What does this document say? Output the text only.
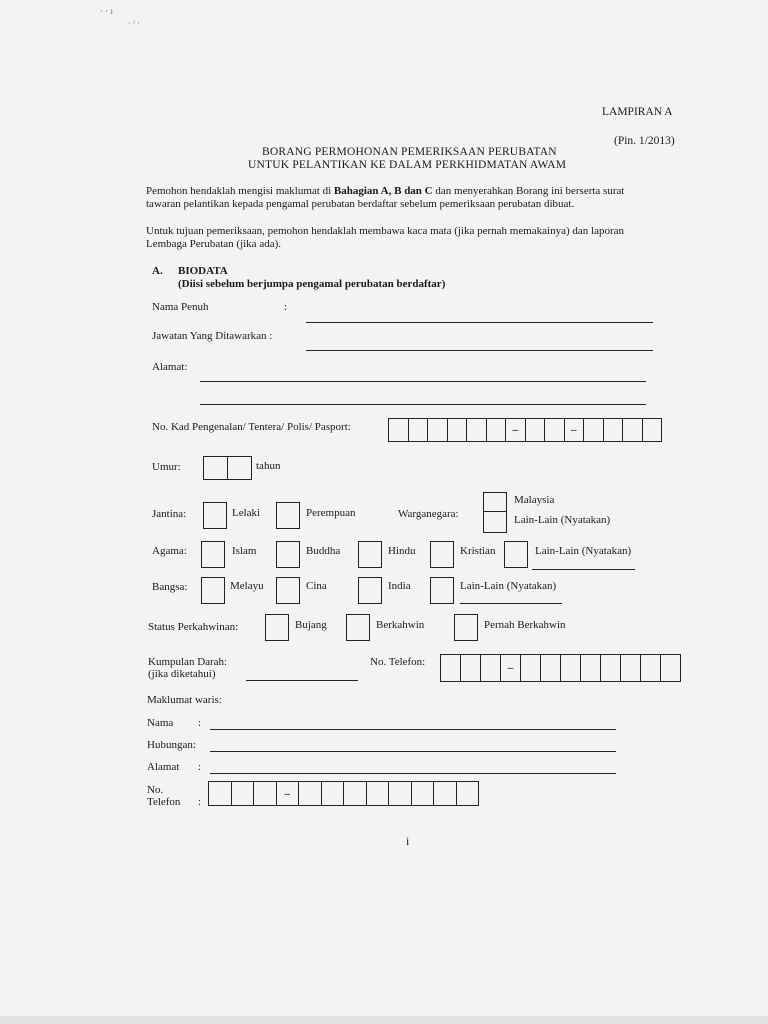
· · ı
· ˡ ·
LAMPIRAN A
(Pin. 1/2013)
BORANG PERMOHONAN PEMERIKSAAN PERUBATAN
UNTUK PELANTIKAN KE DALAM PERKHIDMATAN AWAM
Pemohon hendaklah mengisi maklumat di Bahagian A, B dan C dan menyerahkan Borang ini berserta surat
tawaran pelantikan kepada pengamal perubatan berdaftar sebelum pemeriksaan perubatan dibuat.
Untuk tujuan pemeriksaan, pemohon hendaklah membawa kaca mata (jika pernah memakainya) dan laporan
Lembaga Perubatan (jika ada).
A. BIODATA
(Diisi sebelum berjumpa pengamal perubatan berdaftar)
Nama Penuh	:
Jawatan Yang Ditawarkan :
Alamat:
No. Kad Pengenalan/ Tentera/ Polis/ Pasport:	–	–
Umur:	tahun
Jantina:	Lelaki	Perempuan	Warganegara:
Malaysia
Lain-Lain (Nyatakan)
Agama:	Islam	Buddha	Hindu	Kristian	Lain-Lain (Nyatakan)
Bangsa:	Melayu	Cina	India	Lain-Lain (Nyatakan)
Status Perkahwinan:	Bujang	Berkahwin	Pernah Berkahwin
Kumpulan Darah:
(jika diketahui)
No. Telefon:	–
Maklumat waris:
Nama :
Hubungan:
Alamat :
No.
Telefon :
–
i
